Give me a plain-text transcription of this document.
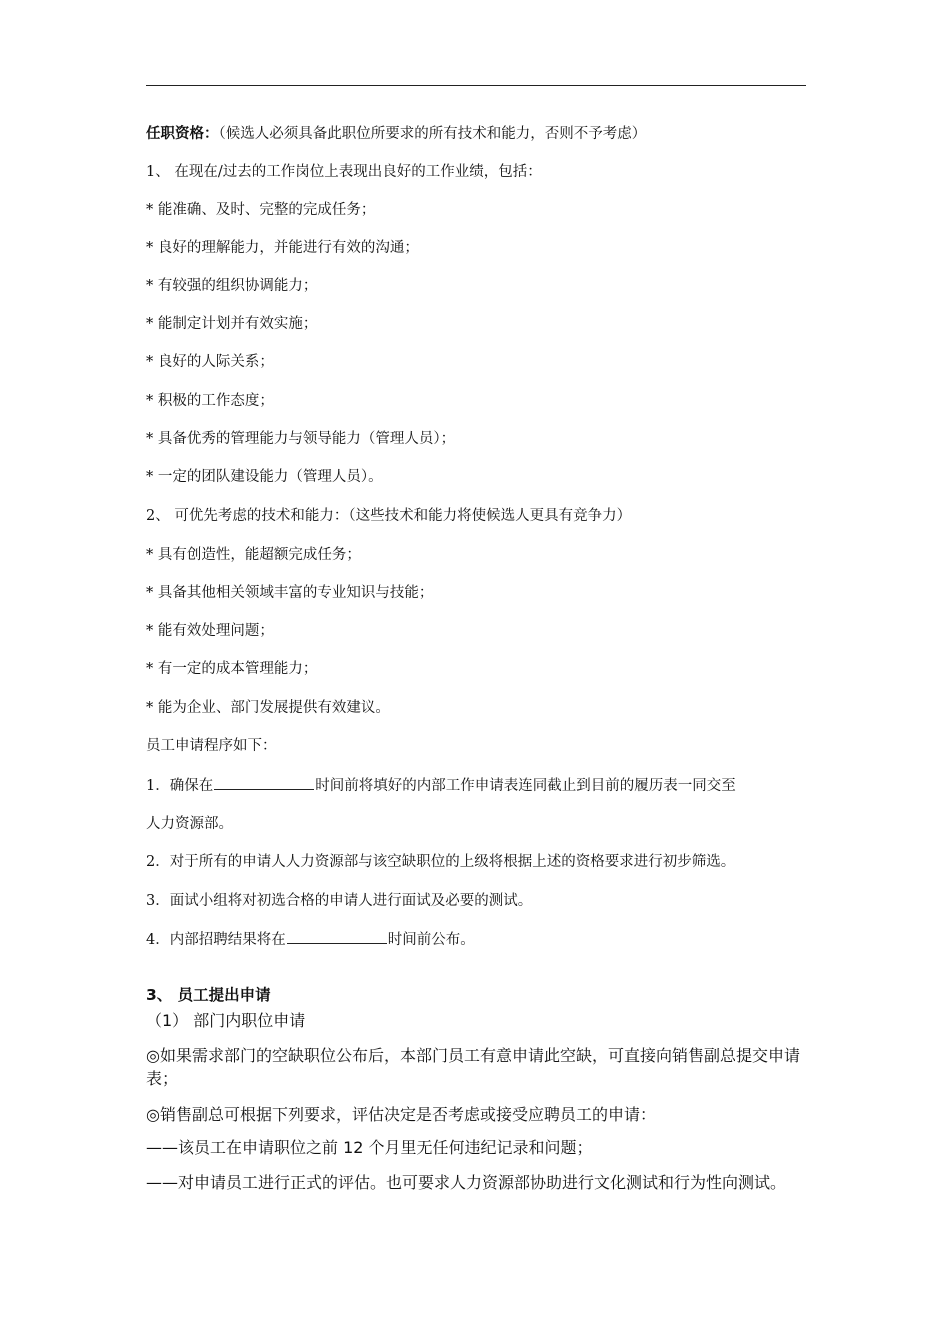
任职资格：（候选人必须具备此职位所要求的所有技术和能力，否则不予考虑）
1、 在现在/过去的工作岗位上表现出良好的工作业绩，包括：
* 能准确、及时、完整的完成任务；
* 良好的理解能力，并能进行有效的沟通；
* 有较强的组织协调能力；
* 能制定计划并有效实施；
* 良好的人际关系；
* 积极的工作态度；
* 具备优秀的管理能力与领导能力（管理人员）；
* 一定的团队建设能力（管理人员）。
2、 可优先考虑的技术和能力：（这些技术和能力将使候选人更具有竞争力）
* 具有创造性，能超额完成任务；
* 具备其他相关领域丰富的专业知识与技能；
* 能有效处理问题；
* 有一定的成本管理能力；
* 能为企业、部门发展提供有效建议。
员工申请程序如下：
1．确保在	时间前将填好的内部工作申请表连同截止到目前的履历表一同交至
人力资源部。
2．对于所有的申请人人力资源部与该空缺职位的上级将根据上述的资格要求进行初步筛选。
3．面试小组将对初选合格的申请人进行面试及必要的测试。
4．内部招聘结果将在	时间前公布。
3、 员工提出申请
（1） 部门内职位申请
◎如果需求部门的空缺职位公布后，本部门员工有意申请此空缺，可直接向销售副总提交申请表；
◎销售副总可根据下列要求，评估决定是否考虑或接受应聘员工的申请：
——该员工在申请职位之前 12 个月里无任何违纪记录和问题；
——对申请员工进行正式的评估。也可要求人力资源部协助进行文化测试和行为性向测试。
